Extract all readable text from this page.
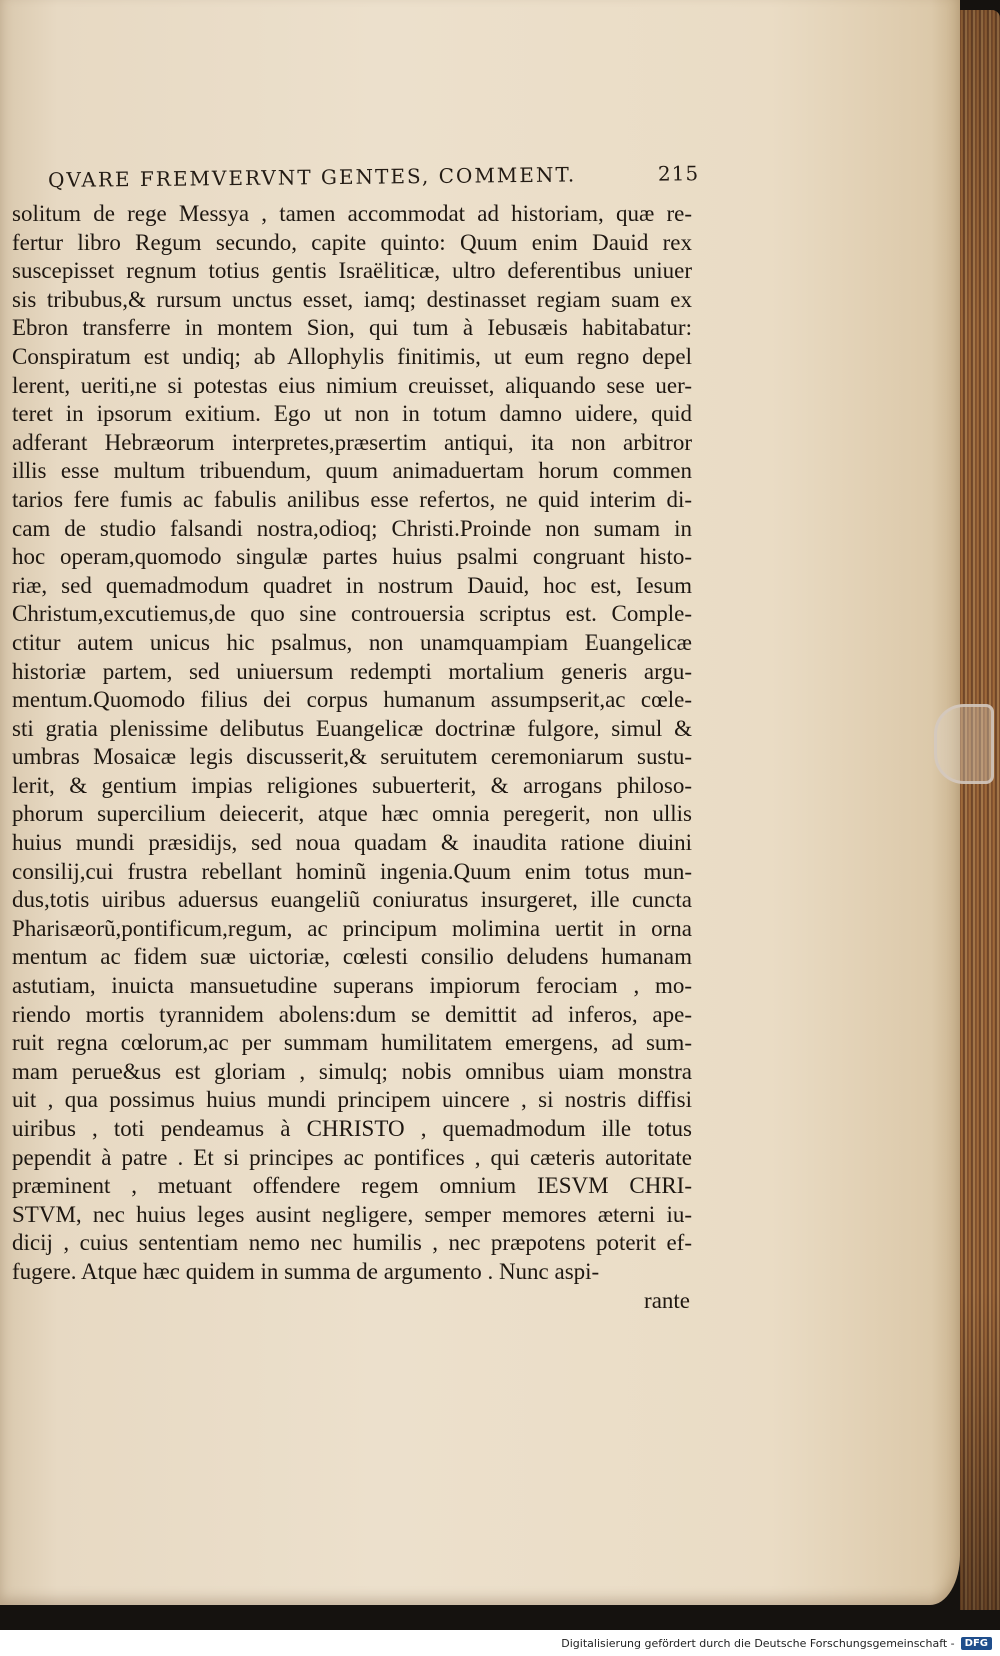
QVARE FREMVERVNT GENTES, COMMENT.	215
solitum de rege Messya , tamen accommodat ad historiam, quæ re-
fertur libro Regum secundo, capite quinto: Quum enim Dauid rex
suscepisset regnum totius gentis Israëliticæ, ultro deferentibus uniuer
sis tribubus,& rursum unctus esset, iamq; destinasset regiam suam ex
Ebron transferre in montem Sion, qui tum à Iebusæis habitabatur:
Conspiratum est undiq; ab Allophylis finitimis, ut eum regno depel
lerent, ueriti,ne si potestas eius nimium creuisset, aliquando sese uer-
teret in ipsorum exitium. Ego ut non in totum damno uidere, quid
adferant Hebræorum interpretes,præsertim antiqui, ita non arbitror
illis esse multum tribuendum, quum animaduertam horum commen
tarios fere fumis ac fabulis anilibus esse refertos, ne quid interim di-
cam de studio falsandi nostra,odioq; Christi.Proinde non sumam in
hoc operam,quomodo singulæ partes huius psalmi congruant histo-
riæ, sed quemadmodum quadret in nostrum Dauid, hoc est, Iesum
Christum,excutiemus,de quo sine controuersia scriptus est. Comple-
ctitur autem unicus hic psalmus, non unamquampiam Euangelicæ
historiæ partem, sed uniuersum redempti mortalium generis argu-
mentum.Quomodo filius dei corpus humanum assumpserit,ac cœle-
sti gratia plenissime delibutus Euangelicæ doctrinæ fulgore, simul &
umbras Mosaicæ legis discusserit,& seruitutem ceremoniarum sustu-
lerit, & gentium impias religiones subuerterit, & arrogans philoso-
phorum supercilium deiecerit, atque hæc omnia peregerit, non ullis
huius mundi præsidijs, sed noua quadam & inaudita ratione diuini
consilij,cui frustra rebellant hominũ ingenia.Quum enim totus mun-
dus,totis uiribus aduersus euangeliũ coniuratus insurgeret, ille cuncta
Pharisæorũ,pontificum,regum, ac principum molimina uertit in orna
mentum ac fidem suæ uictoriæ, cœlesti consilio deludens humanam
astutiam, inuicta mansuetudine superans impiorum ferociam , mo-
riendo mortis tyrannidem abolens:dum se demittit ad inferos, ape-
ruit regna cœlorum,ac per summam humilitatem emergens, ad sum-
mam perue&us est gloriam , simulq; nobis omnibus uiam monstra
uit , qua possimus huius mundi principem uincere , si nostris diffisi
uiribus , toti pendeamus à CHRISTO , quemadmodum ille totus
pependit à patre . Et si principes ac pontifices , qui cæteris autoritate
præminent , metuant offendere regem omnium IESVM CHRI-
STVM, nec huius leges ausint negligere, semper memores æterni iu-
dicij , cuius sententiam nemo nec humilis , nec præpotens poterit ef-
fugere. Atque hæc quidem in summa de argumento . Nunc aspi-
rante
Digitalisierung gefördert durch die Deutsche Forschungsgemeinschaft -	DFG
